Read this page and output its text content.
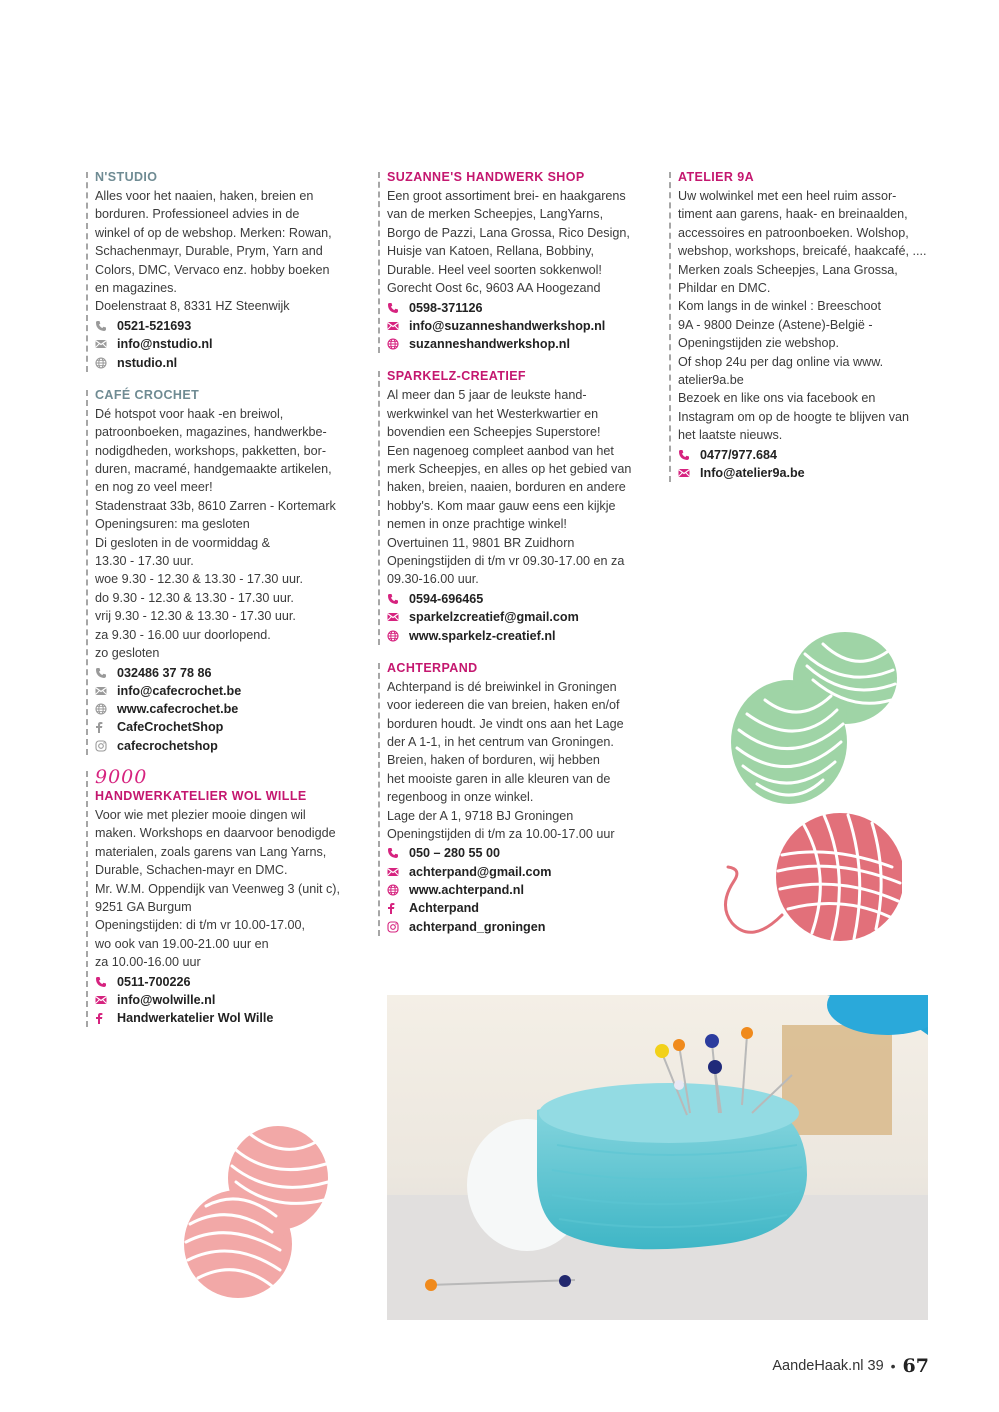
N'STUDIO
Alles voor het naaien, haken, breien en
borduren. Professioneel advies in de
winkel of op de webshop. Merken: Rowan,
Schachenmayr, Durable, Prym, Yarn and
Colors, DMC, Vervaco enz. hobby boeken
en magazines.
Doelenstraat 8, 8331 HZ Steenwijk
0521-521693
info@nstudio.nl
nstudio.nl
CAFÉ CROCHET
Dé hotspot voor haak -en breiwol,
patroonboeken, magazines, handwerkbe-
nodigdheden, workshops, pakketten, bor-
duren, macramé, handgemaakte artikelen,
en nog zo veel meer!
Stadenstraat 33b, 8610 Zarren - Kortemark
Openingsuren: ma gesloten
Di gesloten in de voormiddag &
13.30 - 17.30 uur.
woe 9.30 - 12.30 & 13.30 - 17.30 uur.
do 9.30 - 12.30 & 13.30 - 17.30 uur.
vrij 9.30 - 12.30 & 13.30 - 17.30 uur.
za 9.30 - 16.00 uur doorlopend.
zo gesloten
032486 37 78 86
info@cafecrochet.be
www.cafecrochet.be
CafeCrochetShop
cafecrochetshop
9000
HANDWERKATELIER WOL WILLE
Voor wie met plezier mooie dingen wil
maken. Workshops en daarvoor benodigde
materialen, zoals garens van Lang Yarns,
Durable, Schachen-mayr en DMC.
Mr. W.M. Oppendijk van Veenweg 3 (unit c),
9251 GA Burgum
Openingstijden: di t/m vr 10.00-17.00,
wo ook van 19.00-21.00 uur en
za 10.00-16.00 uur
0511-700226
info@wolwille.nl
Handwerkatelier Wol Wille
SUZANNE'S HANDWERK SHOP
Een groot assortiment brei- en haakgarens
van de merken Scheepjes, LangYarns,
Borgo de Pazzi, Lana Grossa, Rico Design,
Huisje van Katoen, Rellana, Bobbiny,
Durable. Heel veel soorten sokkenwol!
Gorecht Oost 6c, 9603 AA Hoogezand
0598-371126
info@suzanneshandwerkshop.nl
suzanneshandwerkshop.nl
SPARKELZ-CREATIEF
Al meer dan 5 jaar de leukste hand-
werkwinkel van het Westerkwartier en
bovendien een Scheepjes Superstore!
Een nagenoeg compleet aanbod van het
merk Scheepjes, en alles op het gebied van
haken, breien, naaien, borduren en andere
hobby's. Kom maar gauw eens een kijkje
nemen in onze prachtige winkel!
Overtuinen 11, 9801 BR Zuidhorn
Openingstijden di t/m vr 09.30-17.00 en za
09.30-16.00 uur.
0594-696465
sparkelzcreatief@gmail.com
www.sparkelz-creatief.nl
ACHTERPAND
Achterpand is dé breiwinkel in Groningen
voor iedereen die van breien, haken en/of
borduren houdt. Je vindt ons aan het Lage
der A 1-1, in het centrum van Groningen.
Breien, haken of borduren, wij hebben
het mooiste garen in alle kleuren van de
regenboog in onze winkel.
Lage der A 1, 9718 BJ Groningen
Openingstijden di t/m za 10.00-17.00 uur
050 – 280 55 00
achterpand@gmail.com
www.achterpand.nl
Achterpand
achterpand_groningen
ATELIER 9A
Uw wolwinkel met een heel ruim assor-
timent aan garens, haak- en breinaalden,
accessoires en patroonboeken. Wolshop,
webshop, workshops, breicafé, haakcafé, ....
Merken zoals Scheepjes, Lana Grossa,
Phildar en DMC.
Kom langs in de winkel : Breeschoot
9A - 9800 Deinze (Astene)-België -
Openingstijden zie webshop.
Of shop 24u per dag online via www.
atelier9a.be
Bezoek en like ons via facebook en
Instagram om op de hoogte te blijven van
het laatste nieuws.
0477/977.684
Info@atelier9a.be
AandeHaak.nl 39 • 67
